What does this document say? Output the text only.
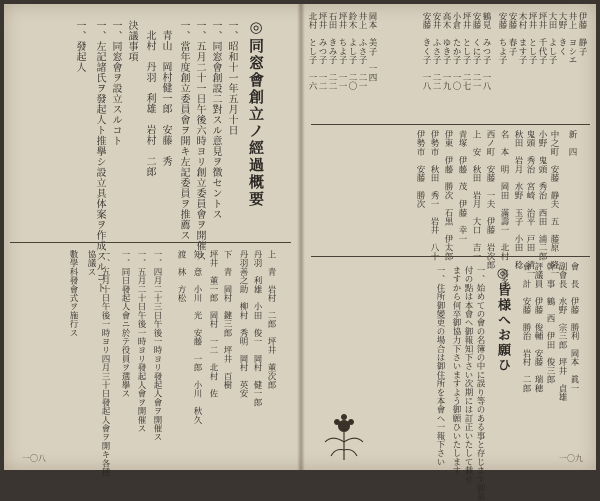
◎同窓會創立ノ經過概要
一、昭和十一年五月十日
一、同窓會創設二對スル意見ヲ徴セントス
一、五月二十一日午後六時ヨリ創立委員會ヲ開催ス
一、當年度創立委員會ヲ開キ左記委員ヲ推薦ス
青山　岡村健一郎　安藤　秀
北村　丹羽　利雄　岩村　二郎
決議事項
一、同窓會ヲ設立スルコト
一、左記諸氏ヲ發起人ト推擧シ設立具体案ヲ作成スルコト
一、發起人
上　青　岩村　二郎　坪井　董次郎
丹羽　利雄　小田　俊一　岡村　健一郎
丹羽善之助　柳村　秀明　岡村　英安
下　青　岡村　鍵三郎　坪井　百樹
坪井　董一郎　岡村　一二　北村　佐
知　意　小川　光　安藤　一郎　小川　秋久
渡　林　方松
一、四月二十三日午後一時ヨリ發起人會ヲ開催ス
一、五月二十日午後一時ヨリ發起人會ヲ開催ス
一、同日發起人會ニ於テ役員ヲ選擧ス
一、五月十日午後一時ヨリ四月三十日發起人會ヲ開キ各種
協議ス
數學科發會式ヲ施行ス
一〇八
伊藤　静子
井上　ヨシエ
大野　きく
大田　よし子
坪井　千代子
坪井　とし子
木村　ます子
安藤　春子
安藤　ちよ子
鶴見　みつ子　一八
安藤　くに子　二一
坪井　とし子　二七
小倉　たか子　一〇
高木　ゆき子　一九
安井　ふさ子　二二
安藤　きく子　一八
岡本　美子　一四
井上　ふさ子　二一
鈴木　よし子　二〇
坪井　ちよ子　一一
石田　きみ子　二二
坪井　みつ子　一二
北村　とし子　一六
新　四
中之町　安藤　静夫　五　藤原　隆一
小野　鬼頭　秀治　西田　浦二郎
鬼頭　秀治　宮崎　治平　戸田　清一
秋田　岩月　水野　玉子　小田　稔
名　本　明　岡田　滿壽一　北村　喜多
西ノ町　安藤　一夫　伊藤　岩次郎
上　安　秋田　岩月　大口　吉一
青塚　伊藤　茂　伊藤　幸一
伊東　伊藤　勝次　石黒　伊太郎
伊勢市　秋田　秀一　岩井　八十
伊勢市　安藤　勝次
會　長　伊藤　勝利　岡本　眞一
副會長　水野　宗三郎　坪井　貞雄
幹　事　鶴　西　伊田　俊三郎
評議員　伊藤　俊輔　安藤　瑞穂
會　計　安藤　勝治　岩村　二郎
◎皆様へお願ひ
一、始めての會の名簿の中に誤り等のある事と存じます御氣
付の點は本會へ御報知下さい次期には訂正いたして載せ
ますから何卒御協力下さいますよう御願ひいたします
一、住所御變更の場合は御住所を本會へ一報下さい	一〇九
